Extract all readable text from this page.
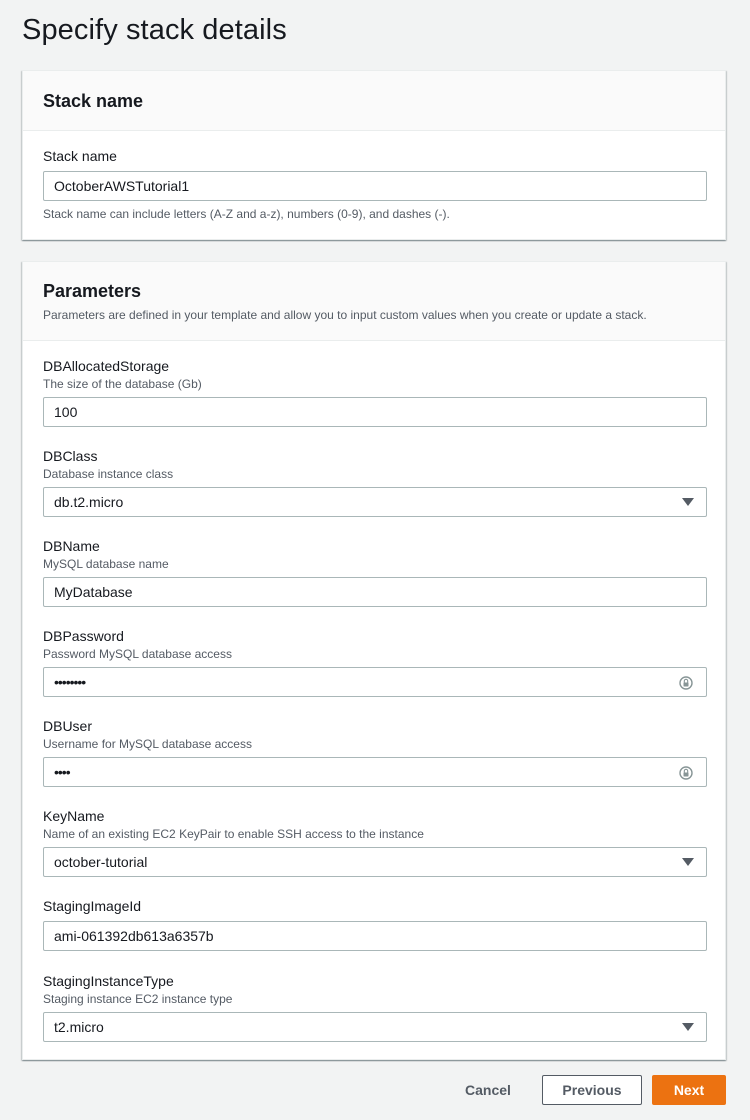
Specify stack details
Stack name
Stack name
OctoberAWSTutorial1
Stack name can include letters (A-Z and a-z), numbers (0-9), and dashes (-).
Parameters
Parameters are defined in your template and allow you to input custom values when you create or update a stack.
DBAllocatedStorage
The size of the database (Gb)
100
DBClass
Database instance class
db.t2.micro
DBName
MySQL database name
MyDatabase
DBPassword
Password MySQL database access
••••••••
DBUser
Username for MySQL database access
••••
KeyName
Name of an existing EC2 KeyPair to enable SSH access to the instance
october-tutorial
StagingImageId
ami-061392db613a6357b
StagingInstanceType
Staging instance EC2 instance type
t2.micro
Cancel	Previous	Next
